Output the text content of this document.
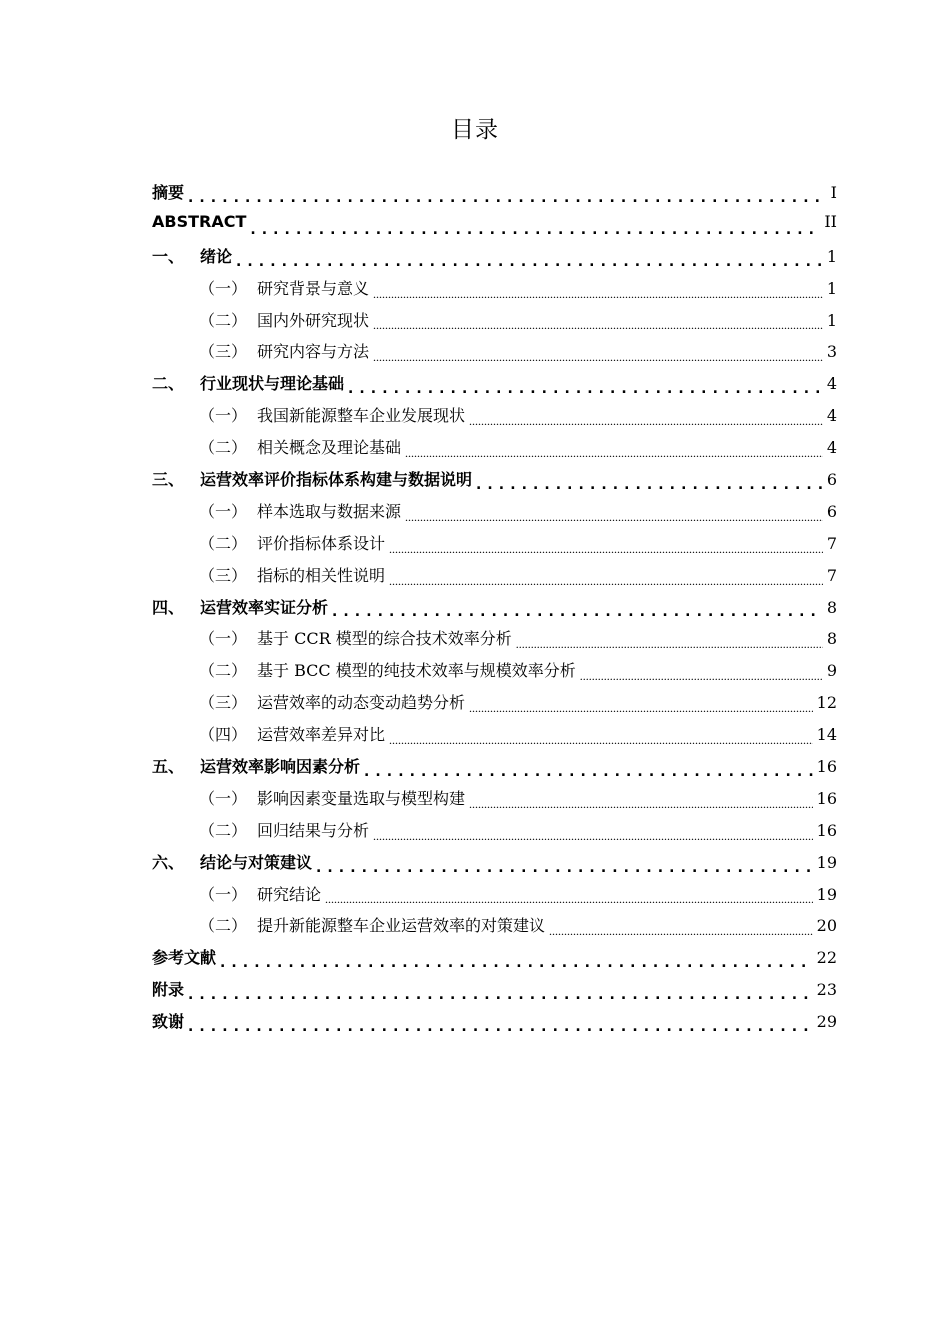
目录
摘要 . . .	I
ABSTRACT . . .	II
一、 绪论 . . .	1
（一） 研究背景与意义 .....	1
（二） 国内外研究现状 .....	1
（三） 研究内容与方法 .....	3
二、 行业现状与理论基础 . . .	4
（一） 我国新能源整车企业发展现状 .....	4
（二） 相关概念及理论基础 .....	4
三、 运营效率评价指标体系构建与数据说明 . . .	6
（一） 样本选取与数据来源 .....	6
（二） 评价指标体系设计 .....	7
（三） 指标的相关性说明 .....	7
四、 运营效率实证分析 . . .	8
（一） 基于 CCR 模型的综合技术效率分析 .....	8
（二） 基于 BCC 模型的纯技术效率与规模效率分析 .....	9
（三） 运营效率的动态变动趋势分析 .....	12
（四） 运营效率差异对比 .....	14
五、 运营效率影响因素分析 . . .	16
（一） 影响因素变量选取与模型构建 .....	16
（二） 回归结果与分析 .....	16
六、 结论与对策建议 . . .	19
（一） 研究结论 .....	19
（二） 提升新能源整车企业运营效率的对策建议 .....	20
参考文献 . . .	22
附录 . . .	23
致谢 . . .	29
